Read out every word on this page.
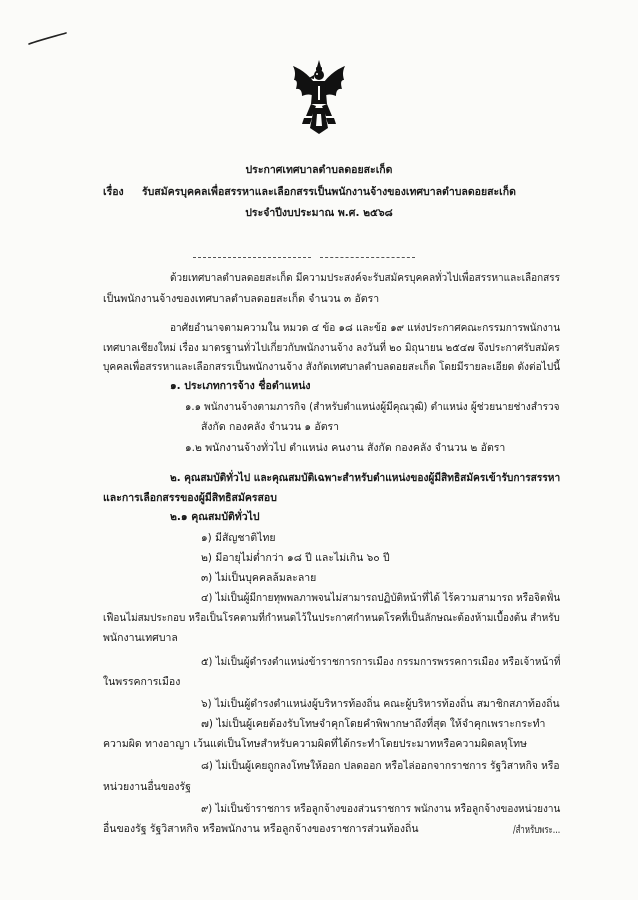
ประกาศเทศบาลตำบลดอยสะเก็ด
เรื่อง รับสมัครบุคคลเพื่อสรรหาและเลือกสรรเป็นพนักงานจ้างของเทศบาลตำบลดอยสะเก็ด
ประจำปีงบประมาณ พ.ศ. ๒๕๖๘
ด้วยเทศบาลตำบลดอยสะเก็ด มีความประสงค์จะรับสมัครบุคคลทั่วไปเพื่อสรรหาและเลือกสรร
เป็นพนักงานจ้างของเทศบาลตำบลดอยสะเก็ด จำนวน ๓ อัตรา
อาศัยอำนาจตามความใน หมวด ๔ ข้อ ๑๘ และข้อ ๑๙ แห่งประกาศคณะกรรมการพนักงาน
เทศบาลเชียงใหม่ เรื่อง มาตรฐานทั่วไปเกี่ยวกับพนักงานจ้าง ลงวันที่ ๒๐ มิถุนายน ๒๕๔๗ จึงประกาศรับสมัคร
บุคคลเพื่อสรรหาและเลือกสรรเป็นพนักงานจ้าง สังกัดเทศบาลตำบลดอยสะเก็ด โดยมีรายละเอียด ดังต่อไปนี้
๑. ประเภทการจ้าง ชื่อตำแหน่ง
๑.๑ พนักงานจ้างตามภารกิจ (สำหรับตำแหน่งผู้มีคุณวุฒิ) ตำแหน่ง ผู้ช่วยนายช่างสำรวจ
สังกัด กองคลัง จำนวน ๑ อัตรา
๑.๒ พนักงานจ้างทั่วไป ตำแหน่ง คนงาน สังกัด กองคลัง จำนวน ๒ อัตรา
๒. คุณสมบัติทั่วไป และคุณสมบัติเฉพาะสำหรับตำแหน่งของผู้มีสิทธิสมัครเข้ารับการสรรหา
และการเลือกสรรของผู้มีสิทธิสมัครสอบ
๒.๑ คุณสมบัติทั่วไป
๑) มีสัญชาติไทย
๒) มีอายุไม่ต่ำกว่า ๑๘ ปี และไม่เกิน ๖๐ ปี
๓) ไม่เป็นบุคคลล้มละลาย
๔) ไม่เป็นผู้มีกายทุพพลภาพจนไม่สามารถปฏิบัติหน้าที่ได้ ไร้ความสามารถ หรือจิตฟั่น
เฟือนไม่สมประกอบ หรือเป็นโรคตามที่กำหนดไว้ในประกาศกำหนดโรคที่เป็นลักษณะต้องห้ามเบื้องต้น สำหรับ
พนักงานเทศบาล
๕) ไม่เป็นผู้ดำรงตำแหน่งข้าราชการการเมือง กรรมการพรรคการเมือง หรือเจ้าหน้าที่
ในพรรคการเมือง
๖) ไม่เป็นผู้ดำรงตำแหน่งผู้บริหารท้องถิ่น คณะผู้บริหารท้องถิ่น สมาชิกสภาท้องถิ่น
๗) ไม่เป็นผู้เคยต้องรับโทษจำคุกโดยคำพิพากษาถึงที่สุด ให้จำคุกเพราะกระทำ
ความผิด ทางอาญา เว้นแต่เป็นโทษสำหรับความผิดที่ได้กระทำโดยประมาทหรือความผิดลหุโทษ
๘) ไม่เป็นผู้เคยถูกลงโทษให้ออก ปลดออก หรือไล่ออกจากราชการ รัฐวิสาหกิจ หรือ
หน่วยงานอื่นของรัฐ
๙) ไม่เป็นข้าราชการ หรือลูกจ้างของส่วนราชการ พนักงาน หรือลูกจ้างของหน่วยงาน
อื่นของรัฐ รัฐวิสาหกิจ หรือพนักงาน หรือลูกจ้างของราชการส่วนท้องถิ่น	/สำหรับพระ...
